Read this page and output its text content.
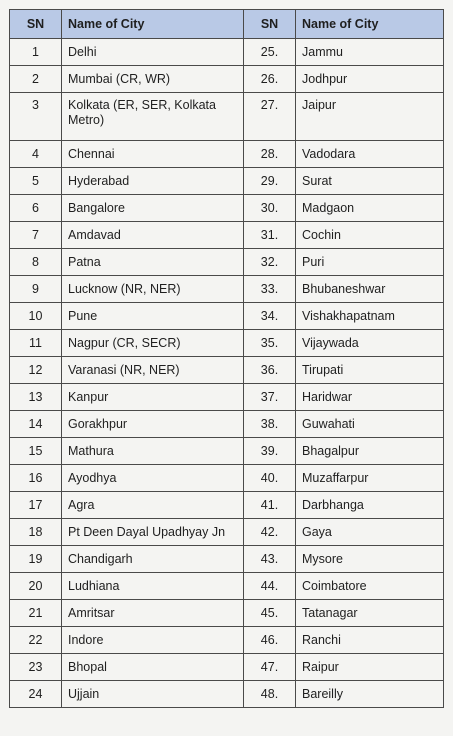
SN	Name of City	SN	Name of City
1	Delhi	25.	Jammu
2	Mumbai (CR, WR)	26.	Jodhpur
3	Kolkata (ER, SER, Kolkata Metro)	27.	Jaipur
4	Chennai	28.	Vadodara
5	Hyderabad	29.	Surat
6	Bangalore	30.	Madgaon
7	Amdavad	31.	Cochin
8	Patna	32.	Puri
9	Lucknow (NR, NER)	33.	Bhubaneshwar
10	Pune	34.	Vishakhapatnam
11	Nagpur (CR, SECR)	35.	Vijaywada
12	Varanasi (NR, NER)	36.	Tirupati
13	Kanpur	37.	Haridwar
14	Gorakhpur	38.	Guwahati
15	Mathura	39.	Bhagalpur
16	Ayodhya	40.	Muzaffarpur
17	Agra	41.	Darbhanga
18	Pt Deen Dayal Upadhyay Jn	42.	Gaya
19	Chandigarh	43.	Mysore
20	Ludhiana	44.	Coimbatore
21	Amritsar	45.	Tatanagar
22	Indore	46.	Ranchi
23	Bhopal	47.	Raipur
24	Ujjain	48.	Bareilly
